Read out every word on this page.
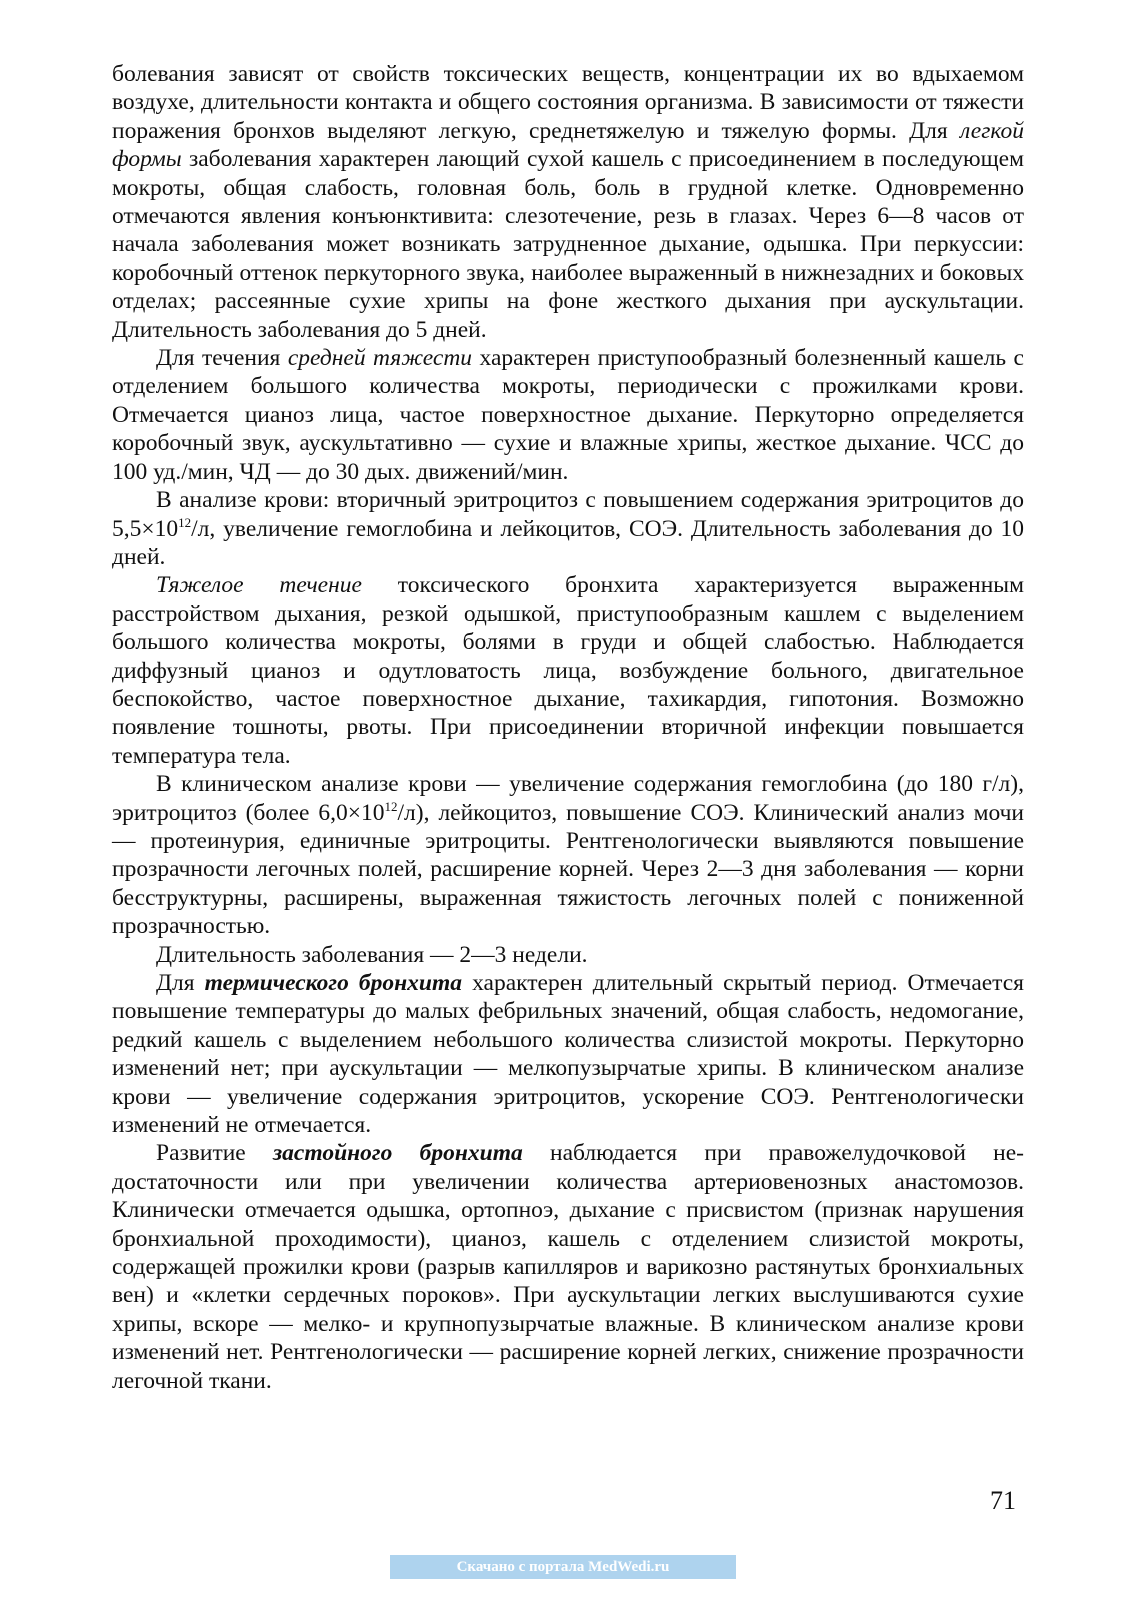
болевания зависят от свойств токсических веществ, концентрации их во вдыхаемом воздухе, длительности контакта и общего состояния организма. В зависимости от тяжести поражения бронхов выделяют легкую, среднетяжелую и тяжелую формы. Для легкой формы заболевания характерен лающий сухой кашель с присоединением в последующем мокроты, общая слабость, головная боль, боль в грудной клетке. Одновременно отмечаются явления конъюнктивита: слезотечение, резь в глазах. Через 6—8 часов от начала заболевания может возникать затрудненное дыхание, одышка. При перкуссии: коробочный оттенок перкуторного звука, наиболее выраженный в нижнезадних и боковых отделах; рассеянные сухие хрипы на фоне жесткого дыхания при аускультации. Длительность заболевания до 5 дней.

Для течения средней тяжести характерен приступообразный болезненный кашель с отделением большого количества мокроты, периодически с прожилками крови. Отмечается цианоз лица, частое поверхностное дыхание. Перкуторно определяется коробочный звук, аускультативно — сухие и влажные хрипы, жесткое дыхание. ЧСС до 100 уд./мин, ЧД — до 30 дых. движений/мин.

В анализе крови: вторичный эритроцитоз с повышением содержания эритроцитов до $5,5\times 10^{12}/л$, увеличение гемоглобина и лейкоцитов, СОЭ. Длительность заболевания до 10 дней.

Тяжелое течение токсического бронхита характеризуется выраженным расстройством дыхания, резкой одышкой, приступообразным кашлем с выделением большого количества мокроты, болями в груди и общей слабостью. Наблюдается диффузный цианоз и одутловатость лица, возбуждение больного, двигательное беспокойство, частое поверхностное дыхание, тахикардия, гипотония. Возможно появление тошноты, рвоты. При присоединении вторичной инфекции повышается температура тела.

В клиническом анализе крови — увеличение содержания гемоглобина (до 180 г/л), эритроцитоз (более $6,0\times 10^{12}/л$), лейкоцитоз, повышение СОЭ. Клинический анализ мочи — протеинурия, единичные эритроциты. Рентгенологически выявляются повышение прозрачности легочных полей, расширение корней. Через 2—3 дня заболевания — корни бесструктурны, расширены, выраженная тяжистость легочных полей с пониженной прозрачностью.

Длительность заболевания — 2—3 недели.

Для термического бронхита характерен длительный скрытый период. Отмечается повышение температуры до малых фебрильных значений, общая слабость, недомогание, редкий кашель с выделением небольшого количества слизистой мокроты. Перкуторно изменений нет; при аускультации — мелкопузырчатые хрипы. В клиническом анализе крови — увеличение содержания эритроцитов, ускорение СОЭ. Рентгенологически изменений не отмечается.

Развитие застойного бронхита наблюдается при правожелудочковой недостаточности или при увеличении количества артериовенозных анастомозов. Клинически отмечается одышка, ортопноэ, дыхание с присвистом (признак нарушения бронхиальной проходимости), цианоз, кашель с отделением слизистой мокроты, содержащей прожилки крови (разрыв капилляров и варикозно растянутых бронхиальных вен) и «клетки сердечных пороков». При аускультации легких выслушиваются сухие хрипы, вскоре — мелко- и крупнопузырчатые влажные. В клиническом анализе крови изменений нет. Рентгенологически — расширение корней легких, снижение прозрачности легочной ткани.

71
Скачано с портала MedWedi.ru
